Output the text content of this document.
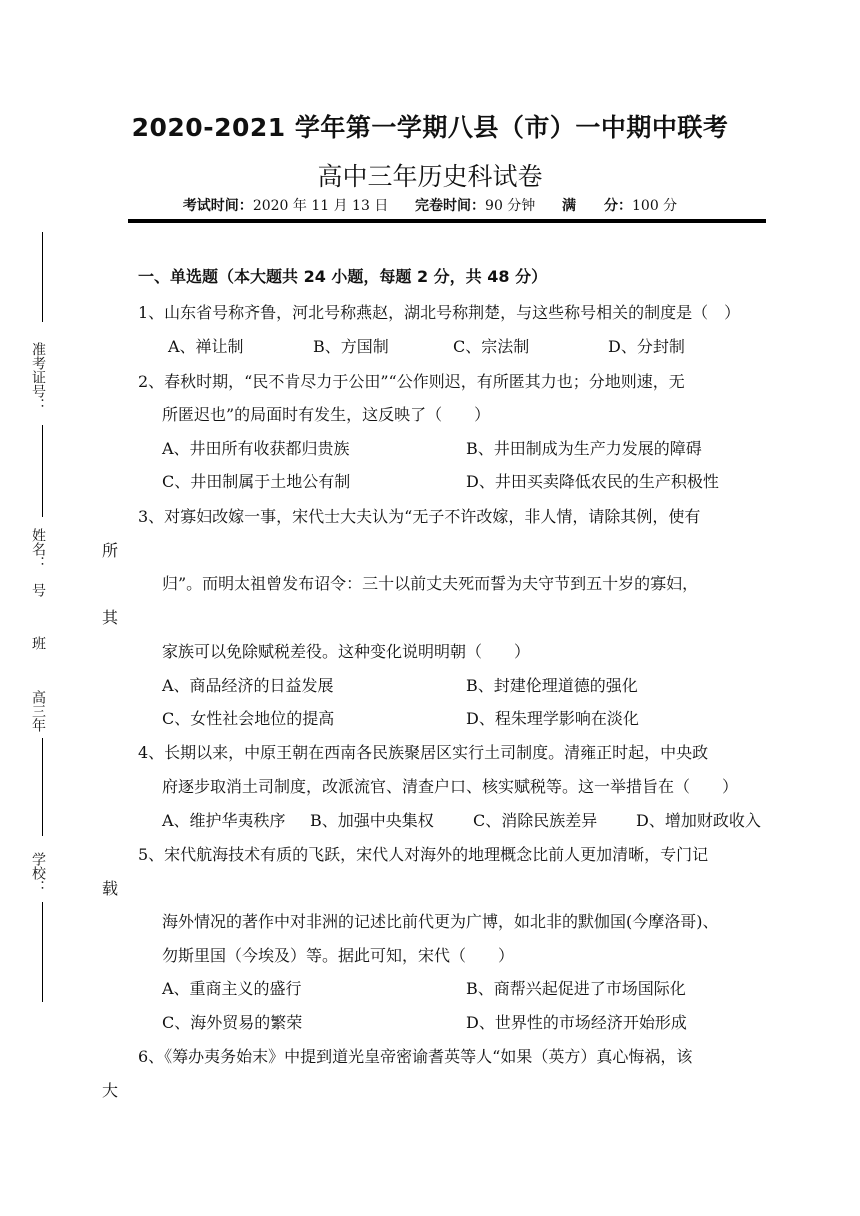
2020-2021 学年第一学期八县（市）一中期中联考
高中三年历史科试卷
考试时间：2020 年 11 月 13 日 完卷时间：90 分钟 满　　分：100 分
准考证号：
姓名：
号
班
高三年
学校：
一、单选题（本大题共 24 小题，每题 2 分，共 48 分）
1、山东省号称齐鲁，河北号称燕赵，湖北号称荆楚，与这些称号相关的制度是（　）
A、禅让制	B、方国制	C、宗法制	D、分封制
2、春秋时期，“民不肯尽力于公田”“公作则迟，有所匿其力也；分地则速，无
所匿迟也”的局面时有发生，这反映了（　　）
A、井田所有收获都归贵族	B、井田制成为生产力发展的障碍
C、井田制属于土地公有制	D、井田买卖降低农民的生产积极性
3、对寡妇改嫁一事，宋代士大夫认为“无子不许改嫁，非人情，请除其例，使有
所
归”。而明太祖曾发布诏令：三十以前丈夫死而誓为夫守节到五十岁的寡妇，
其
家族可以免除赋税差役。这种变化说明明朝（　　）
A、商品经济的日益发展	B、封建伦理道德的强化
C、女性社会地位的提高	D、程朱理学影响在淡化
4、长期以来，中原王朝在西南各民族聚居区实行土司制度。清雍正时起，中央政
府逐步取消土司制度，改派流官、清查户口、核实赋税等。这一举措旨在（　　）
A、维护华夷秩序 B、加强中央集权 C、消除民族差异 D、增加财政收入
5、宋代航海技术有质的飞跃，宋代人对海外的地理概念比前人更加清晰，专门记
载
海外情况的著作中对非洲的记述比前代更为广博，如北非的默伽国(今摩洛哥)、
勿斯里国（今埃及）等。据此可知，宋代（　　）
A、重商主义的盛行	B、商帮兴起促进了市场国际化
C、海外贸易的繁荣	D、世界性的市场经济开始形成
6、《筹办夷务始末》中提到道光皇帝密谕耆英等人“如果（英方）真心悔祸，该
大
